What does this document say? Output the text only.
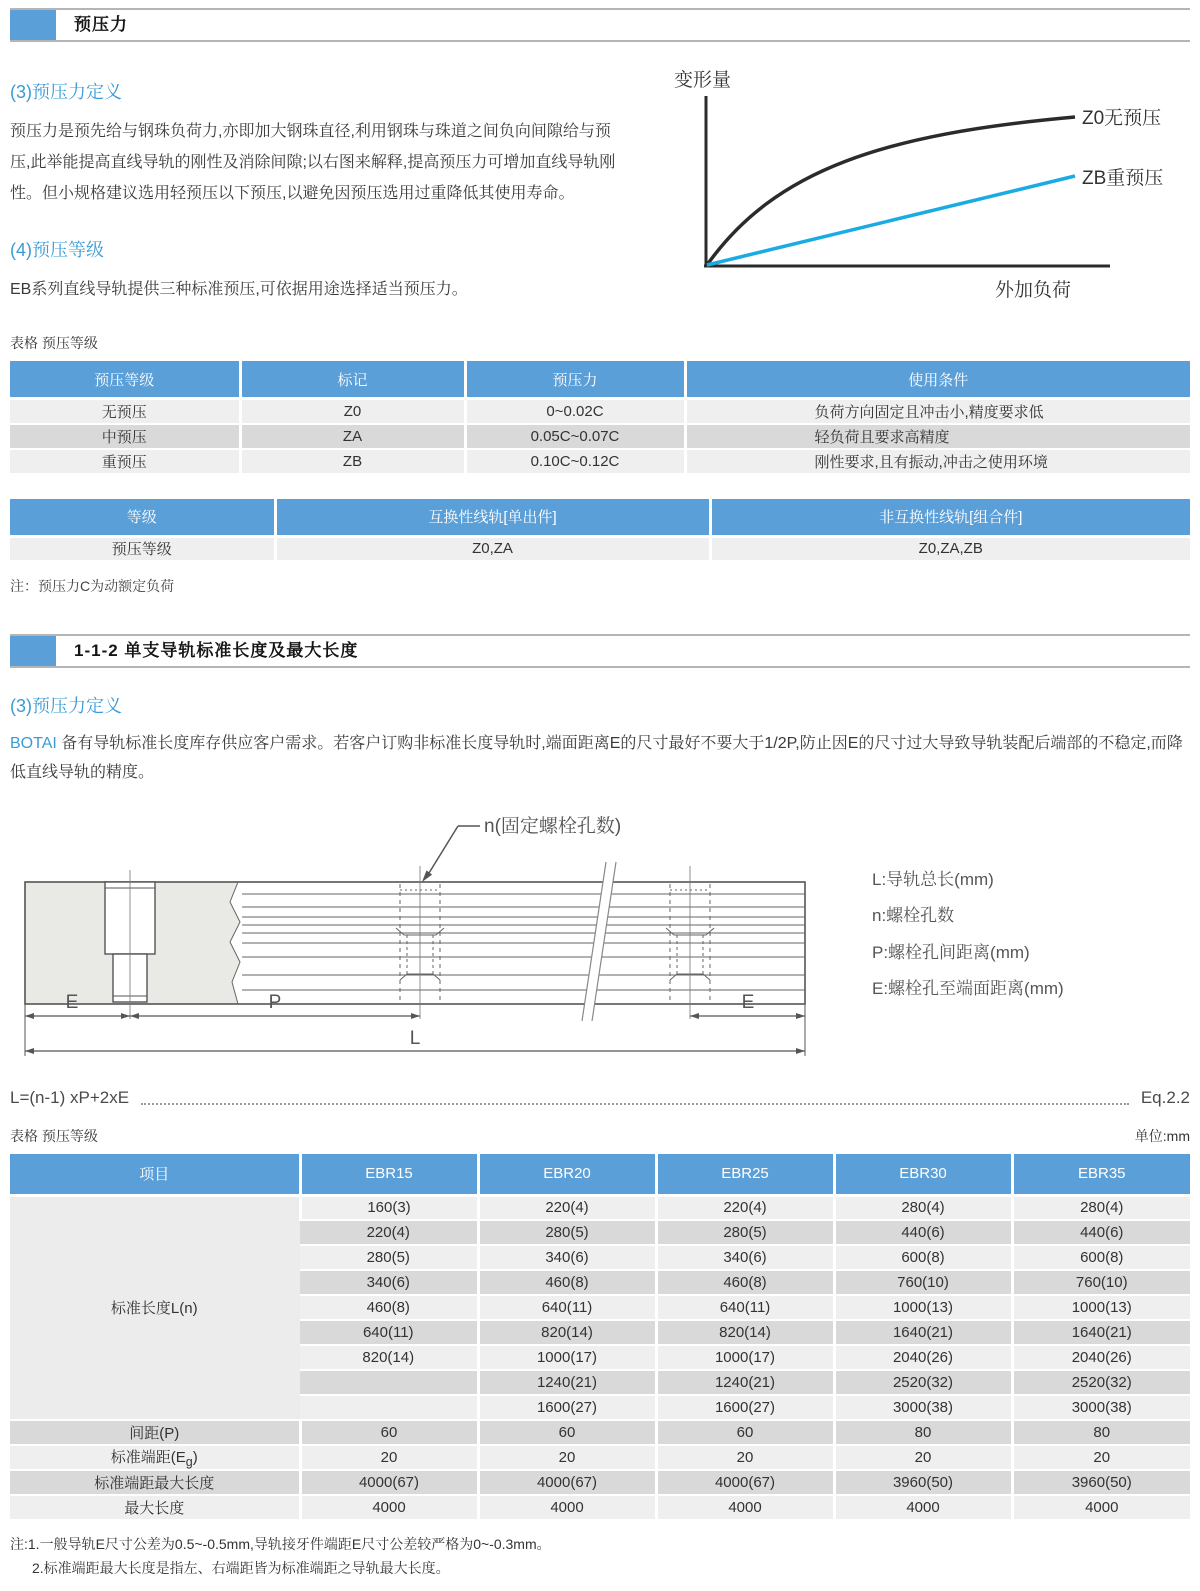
预压力
(3)预压力定义

预压力是预先给与钢珠负荷力,亦即加大钢珠直径,利用钢珠与珠道之间负向间隙给与预压,此举能提高直线导轨的刚性及消除间隙;以右图来解释,提高预压力可增加直线导轨刚性。但小规格建议选用轻预压以下预压,以避免因预压选用过重降低其使用寿命。

(4)预压等级

EB系列直线导轨提供三种标准预压,可依据用途选择适当预压力。

变形量
外加负荷
Z0无预压
ZB重预压
表格 预压等级
预压等级	标记	预压力	使用条件
无预压	Z0	0~0.02C	负荷方向固定且冲击小,精度要求低
中预压	ZA	0.05C~0.07C	轻负荷且要求高精度
重预压	ZB	0.10C~0.12C	刚性要求,且有振动,冲击之使用环境
等级	互换性线轨[单出件]	非互换性线轨[组合件]
预压等级	Z0,ZA	Z0,ZA,ZB
注：预压力C为动额定负荷
1-1-2 单支导轨标准长度及最大长度
(3)预压力定义

BOTAI 备有导轨标准长度库存供应客户需求。若客户订购非标准长度导轨时,端面距离E的尺寸最好不要大于1/2P,防止因E的尺寸过大导致导轨装配后端部的不稳定,而降低直线导轨的精度。

n(固定螺栓孔数)
E	P	E
L
L:导轨总长(mm)
n:螺栓孔数
P:螺栓孔间距离(mm)
E:螺栓孔至端面距离(mm)
L=(n-1) xP+2xE	Eq.2.2
表格 预压等级	单位:mm
项目	EBR15	EBR20	EBR25	EBR30	EBR35
标准长度L(n)	160(3)	220(4)	220(4)	280(4)	280(4)
	220(4)	280(5)	280(5)	440(6)	440(6)
	280(5)	340(6)	340(6)	600(8)	600(8)
	340(6)	460(8)	460(8)	760(10)	760(10)
	460(8)	640(11)	640(11)	1000(13)	1000(13)
	640(11)	820(14)	820(14)	1640(21)	1640(21)
	820(14)	1000(17)	1000(17)	2040(26)	2040(26)
		1240(21)	1240(21)	2520(32)	2520(32)
		1600(27)	1600(27)	3000(38)	3000(38)
间距(P)	60	60	60	80	80
标准端距$(E_g)$	20	20	20	20	20
标准端距最大长度	4000(67)	4000(67)	4000(67)	3960(50)	3960(50)
最大长度	4000	4000	4000	4000	4000
注:1.一般导轨E尺寸公差为0.5~-0.5mm,导轨接牙件端距E尺寸公差较严格为0~-0.3mm。
2.标准端距最大长度是指左、右端距皆为标准端距之导轨最大长度。
